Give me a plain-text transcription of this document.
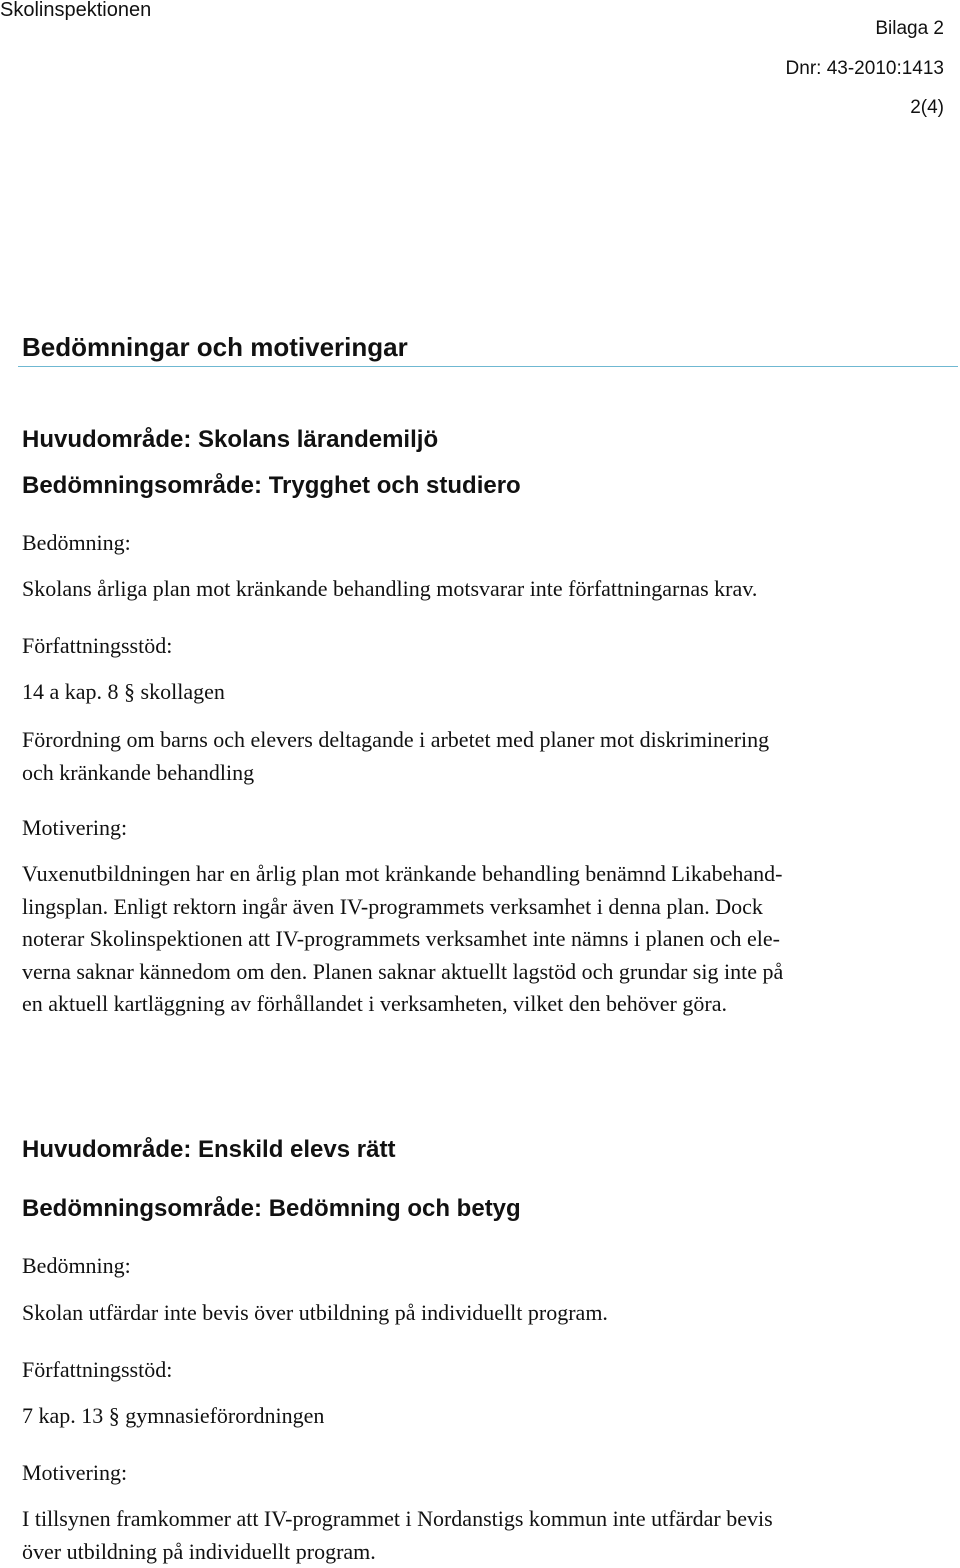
Skolinspektionen
Bilaga 2
Dnr: 43-2010:1413
2(4)
Bedömningar och motiveringar
Huvudområde: Skolans lärandemiljö
Bedömningsområde: Trygghet och studiero
Bedömning:
Skolans årliga plan mot kränkande behandling motsvarar inte författningarnas krav.
Författningsstöd:
14 a kap. 8 § skollagen
Förordning om barns och elevers deltagande i arbetet med planer mot diskriminering
och kränkande behandling
Motivering:
Vuxenutbildningen har en årlig plan mot kränkande behandling benämnd Likabehand-
lingsplan. Enligt rektorn ingår även IV-programmets verksamhet i denna plan. Dock
noterar Skolinspektionen att IV-programmets verksamhet inte nämns i planen och ele-
verna saknar kännedom om den. Planen saknar aktuellt lagstöd och grundar sig inte på
en aktuell kartläggning av förhållandet i verksamheten, vilket den behöver göra.
Huvudområde: Enskild elevs rätt
Bedömningsområde: Bedömning och betyg
Bedömning:
Skolan utfärdar inte bevis över utbildning på individuellt program.
Författningsstöd:
7 kap. 13 § gymnasieförordningen
Motivering:
I tillsynen framkommer att IV-programmet i Nordanstigs kommun inte utfärdar bevis
över utbildning på individuellt program.
